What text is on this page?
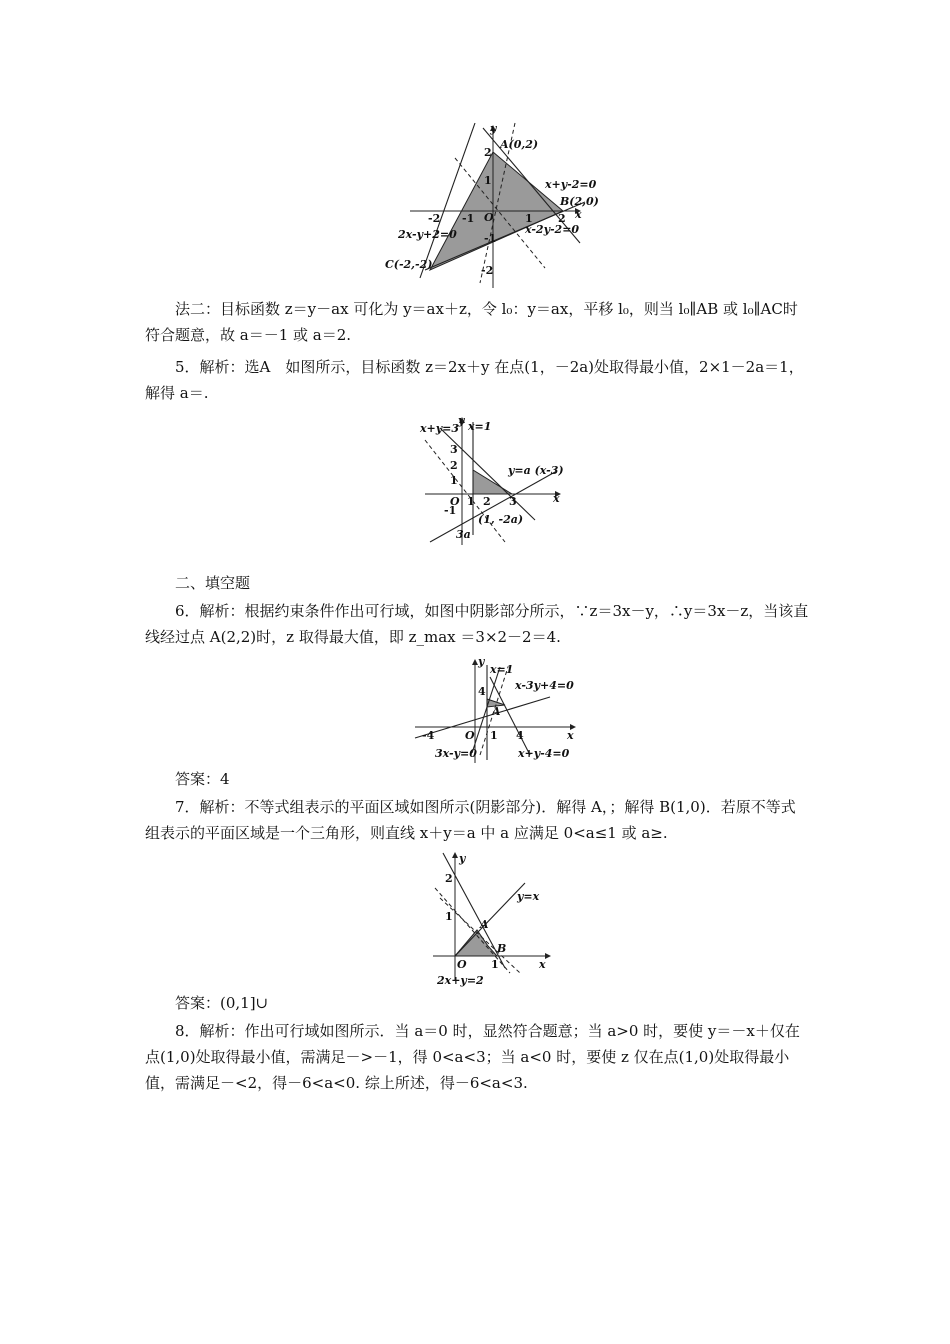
y
x
O
A(0,2)
B(2,0)
C(-2,-2)
x+y-2=0
x-2y-2=0
2x-y+2=0
2
1
-1
-2
-2 -1	1 2
法二：目标函数 z＝y－ax 可化为 y＝ax＋z，令 l₀：y＝ax，平移 l₀，则当 l₀∥AB 或 l₀∥AC时符合题意，故 a＝－1 或 a＝2.
5．解析：选A　如图所示，目标函数 z＝2x＋y 在点(1，－2a)处取得最小值，2×1－2a＝1，解得 a＝.
x+y=3
y x=1
y=a (x-3)
3
2
1
O 1 2 3	x
-1
(1, -2a)
3a
二、填空题
6．解析：根据约束条件作出可行域，如图中阴影部分所示，∵z＝3x－y，∴y＝3x－z，当该直线经过点 A(2,2)时，z 取得最大值，即 z_max ＝3×2－2＝4.
y
x=1
4	x-3y+4=0
A
-4	O 1 4	x
3x-y=0	x+y-4=0
答案：4
7．解析：不等式组表示的平面区域如图所示(阴影部分)．解得 A，；解得 B(1,0)．若原不等式组表示的平面区域是一个三角形，则直线 x＋y＝a 中 a 应满足 0<a≤1 或 a≥.
y
2
1
y=x
A
B
O 1	x
2x+y=2
答案：(0,1]∪
8．解析：作出可行域如图所示．当 a＝0 时，显然符合题意；当 a>0 时，要使 y＝－x＋仅在点(1,0)处取得最小值，需满足－>－1，得 0<a<3；当 a<0 时，要使 z 仅在点(1,0)处取得最小值，需满足－<2，得－6<a<0. 综上所述，得－6<a<3.
